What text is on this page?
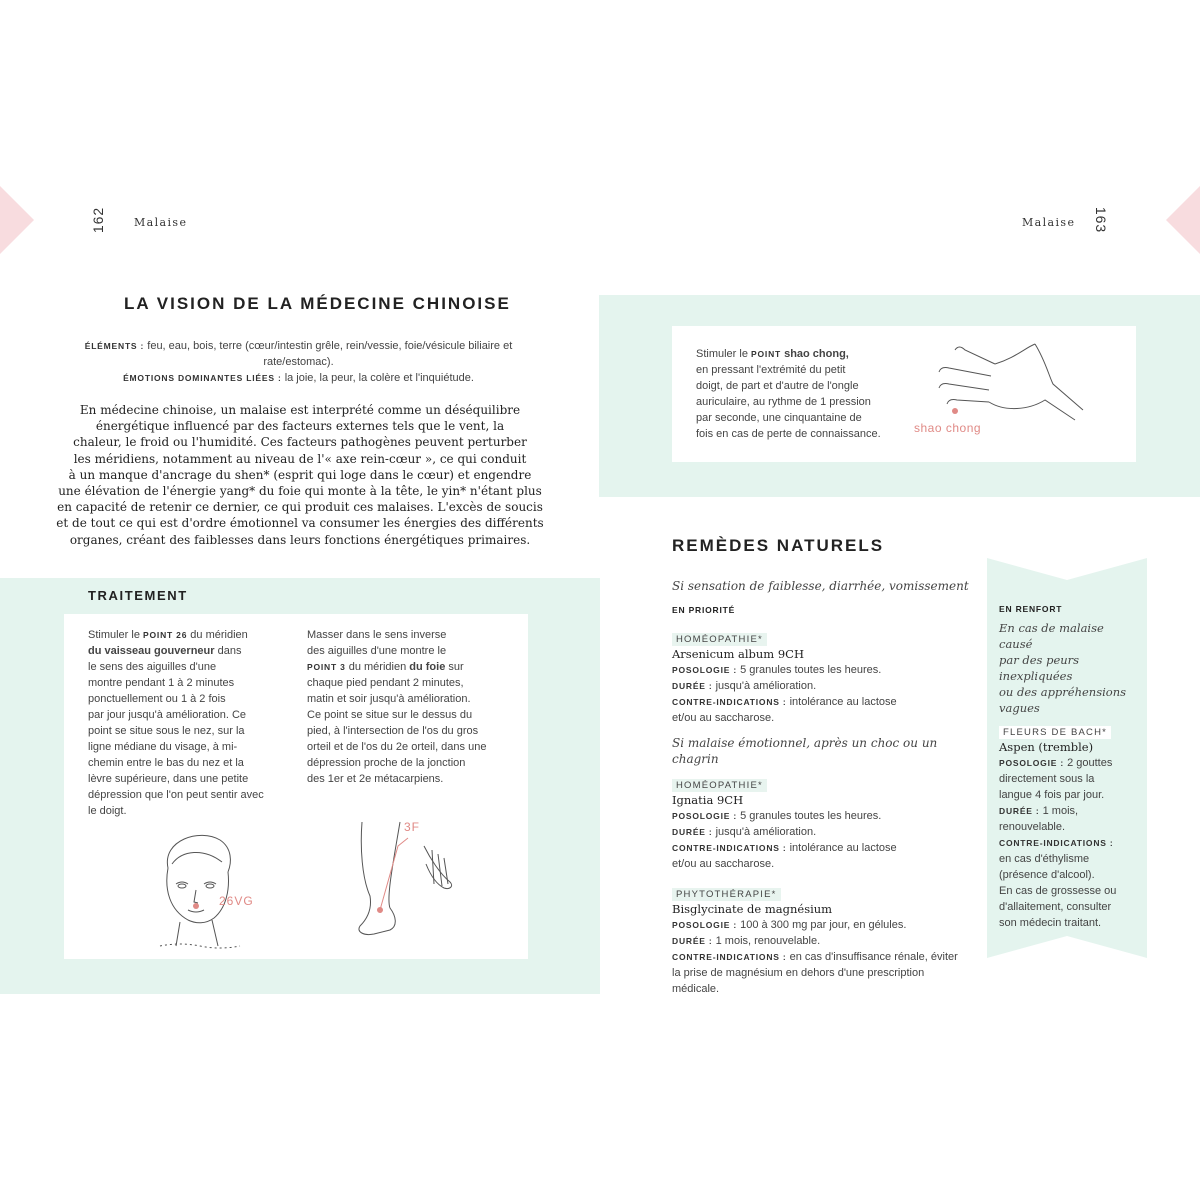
162	Malaise	Malaise 163
LA VISION DE LA MÉDECINE CHINOISE
ÉLÉMENTS : feu, eau, bois, terre (cœur/intestin grêle, rein/vessie, foie/vésicule biliaire et
rate/estomac).
ÉMOTIONS DOMINANTES LIÉES : la joie, la peur, la colère et l'inquiétude.
En médecine chinoise, un malaise est interprété comme un déséquilibre
énergétique influencé par des facteurs externes tels que le vent, la
chaleur, le froid ou l'humidité. Ces facteurs pathogènes peuvent perturber
les méridiens, notamment au niveau de l'« axe rein-cœur », ce qui conduit
à un manque d'ancrage du shen* (esprit qui loge dans le cœur) et engendre
une élévation de l'énergie yang* du foie qui monte à la tête, le yin* n'étant plus
en capacité de retenir ce dernier, ce qui produit ces malaises. L'excès de soucis
et de tout ce qui est d'ordre émotionnel va consumer les énergies des différents
organes, créant des faiblesses dans leurs fonctions énergétiques primaires.
TRAITEMENT
Stimuler le POINT 26 du méridien
du vaisseau gouverneur dans
le sens des aiguilles d'une
montre pendant 1 à 2 minutes
ponctuellement ou 1 à 2 fois
par jour jusqu'à amélioration. Ce
point se situe sous le nez, sur la
ligne médiane du visage, à mi-
chemin entre le bas du nez et la
lèvre supérieure, dans une petite
dépression que l'on peut sentir avec
le doigt.
Masser dans le sens inverse
des aiguilles d'une montre le
POINT 3 du méridien du foie sur
chaque pied pendant 2 minutes,
matin et soir jusqu'à amélioration.
Ce point se situe sur le dessus du
pied, à l'intersection de l'os du gros
orteil et de l'os du 2e orteil, dans une
dépression proche de la jonction
des 1er et 2e métacarpiens.
26VG
3F
Stimuler le POINT shao chong,
en pressant l'extrémité du petit
doigt, de part et d'autre de l'ongle
auriculaire, au rythme de 1 pression
par seconde, une cinquantaine de
fois en cas de perte de connaissance.	shao chong
REMÈDES NATURELS
Si sensation de faiblesse, diarrhée, vomissement
EN PRIORITÉ
HOMÉOPATHIE*
Arsenicum album 9CH
POSOLOGIE : 5 granules toutes les heures.
DURÉE : jusqu'à amélioration.
CONTRE-INDICATIONS : intolérance au lactose
et/ou au saccharose.
Si malaise émotionnel, après un choc ou un chagrin
HOMÉOPATHIE*
Ignatia 9CH
POSOLOGIE : 5 granules toutes les heures.
DURÉE : jusqu'à amélioration.
CONTRE-INDICATIONS : intolérance au lactose
et/ou au saccharose.
PHYTOTHÉRAPIE*
Bisglycinate de magnésium
POSOLOGIE : 100 à 300 mg par jour, en gélules.
DURÉE : 1 mois, renouvelable.
CONTRE-INDICATIONS : en cas d'insuffisance rénale, éviter
la prise de magnésium en dehors d'une prescription
médicale.
EN RENFORT
En cas de malaise causé
par des peurs inexpliquées
ou des appréhensions
vagues
FLEURS DE BACH*
Aspen (tremble)
POSOLOGIE : 2 gouttes
directement sous la
langue 4 fois par jour.
DURÉE : 1 mois,
renouvelable.
CONTRE-INDICATIONS :
en cas d'éthylisme
(présence d'alcool).
En cas de grossesse ou
d'allaitement, consulter
son médecin traitant.
